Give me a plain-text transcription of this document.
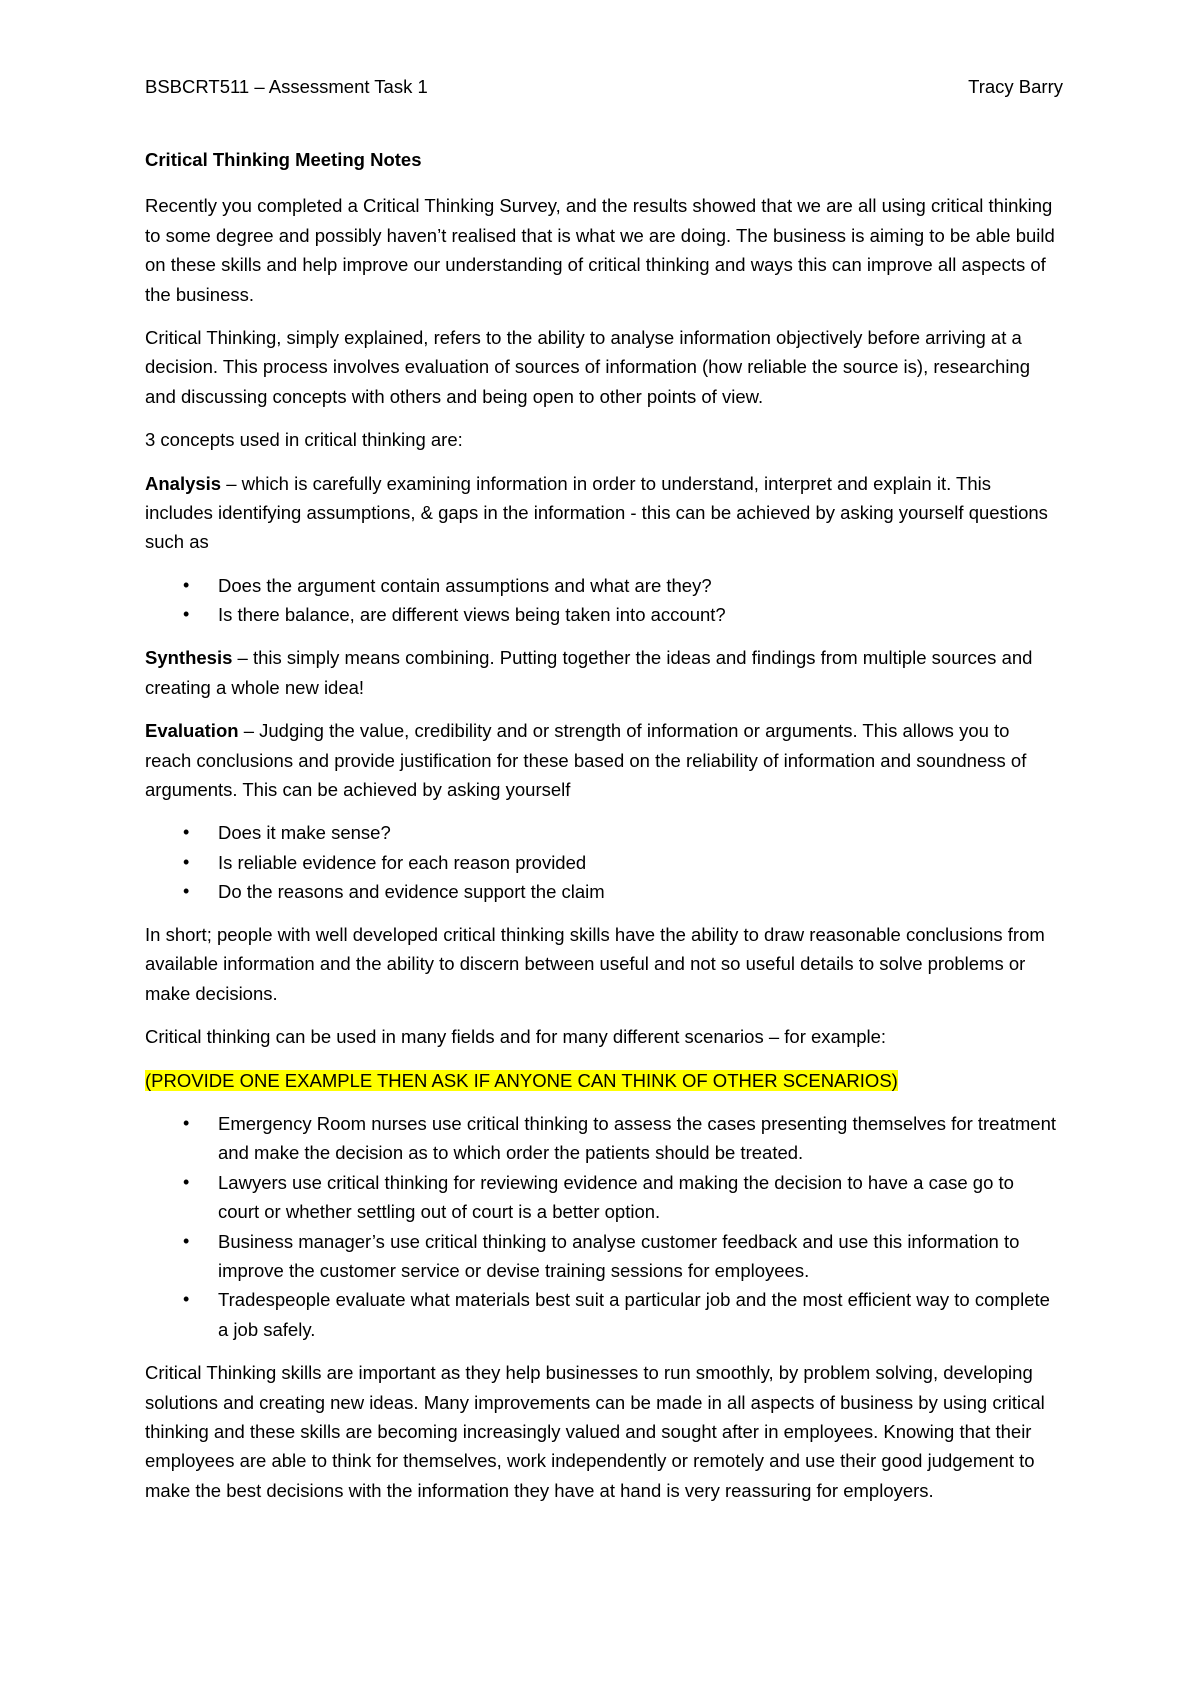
BSBCRT511 – Assessment Task 1	Tracy Barry

Critical Thinking Meeting Notes

Recently you completed a Critical Thinking Survey, and the results showed that we are all using critical thinking to some degree and possibly haven’t realised that is what we are doing. The business is aiming to be able build on these skills and help improve our understanding of critical thinking and ways this can improve all aspects of the business.

Critical Thinking, simply explained, refers to the ability to analyse information objectively before arriving at a decision. This process involves evaluation of sources of information (how reliable the source is), researching and discussing concepts with others and being open to other points of view.

3 concepts used in critical thinking are:

Analysis – which is carefully examining information in order to understand, interpret and explain it. This includes identifying assumptions, & gaps in the information - this can be achieved by asking yourself questions such as

• Does the argument contain assumptions and what are they?
• Is there balance, are different views being taken into account?

Synthesis – this simply means combining. Putting together the ideas and findings from multiple sources and creating a whole new idea!

Evaluation – Judging the value, credibility and or strength of information or arguments. This allows you to reach conclusions and provide justification for these based on the reliability of information and soundness of arguments. This can be achieved by asking yourself

• Does it make sense?
• Is reliable evidence for each reason provided
• Do the reasons and evidence support the claim

In short; people with well developed critical thinking skills have the ability to draw reasonable conclusions from available information and the ability to discern between useful and not so useful details to solve problems or make decisions.

Critical thinking can be used in many fields and for many different scenarios – for example:

(PROVIDE ONE EXAMPLE THEN ASK IF ANYONE CAN THINK OF OTHER SCENARIOS)

• Emergency Room nurses use critical thinking to assess the cases presenting themselves for treatment and make the decision as to which order the patients should be treated.
• Lawyers use critical thinking for reviewing evidence and making the decision to have a case go to court or whether settling out of court is a better option.
• Business manager’s use critical thinking to analyse customer feedback and use this information to improve the customer service or devise training sessions for employees.
• Tradespeople evaluate what materials best suit a particular job and the most efficient way to complete a job safely.

Critical Thinking skills are important as they help businesses to run smoothly, by problem solving, developing solutions and creating new ideas. Many improvements can be made in all aspects of business by using critical thinking and these skills are becoming increasingly valued and sought after in employees. Knowing that their employees are able to think for themselves, work independently or remotely and use their good judgement to make the best decisions with the information they have at hand is very reassuring for employers.
